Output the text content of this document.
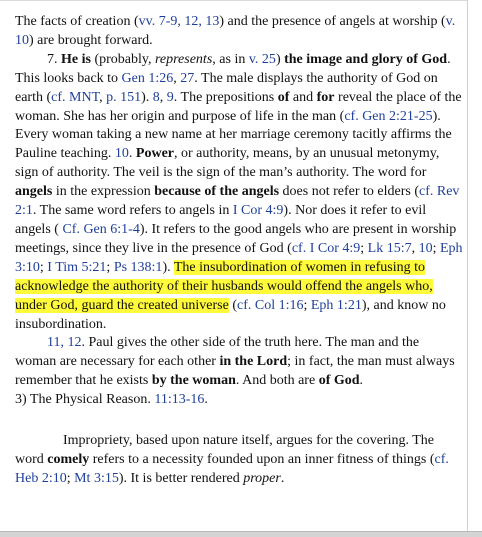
The facts of creation (vv. 7-9, 12, 13) and the presence of angels at worship (v. 10) are brought forward.

7. He is (probably, represents, as in v. 25) the image and glory of God. This looks back to Gen 1:26, 27. The male displays the authority of God on earth (cf. MNT, p. 151). 8, 9. The prepositions of and for reveal the place of the woman. She has her origin and purpose of life in the man (cf. Gen 2:21-25). Every woman taking a new name at her marriage ceremony tacitly affirms the Pauline teaching. 10. Power, or authority, means, by an unusual metonymy, sign of authority. The veil is the sign of the man’s authority. The word for angels in the expression because of the angels does not refer to elders (cf. Rev 2:1. The same word refers to angels in I Cor 4:9). Nor does it refer to evil angels ( Cf. Gen 6:1-4). It refers to the good angels who are present in worship meetings, since they live in the presence of God (cf. I Cor 4:9; Lk 15:7, 10; Eph 3:10; I Tim 5:21; Ps 138:1). The insubordination of women in refusing to acknowledge the authority of their husbands would offend the angels who, under God, guard the created universe (cf. Col 1:16; Eph 1:21), and know no insubordination.

11, 12. Paul gives the other side of the truth here. The man and the woman are necessary for each other in the Lord; in fact, the man must always remember that he exists by the woman. And both are of God.

3) The Physical Reason. 11:13-16.

Impropriety, based upon nature itself, argues for the covering. The word comely refers to a necessity founded upon an inner fitness of things (cf. Heb 2:10; Mt 3:15). It is better rendered proper.
